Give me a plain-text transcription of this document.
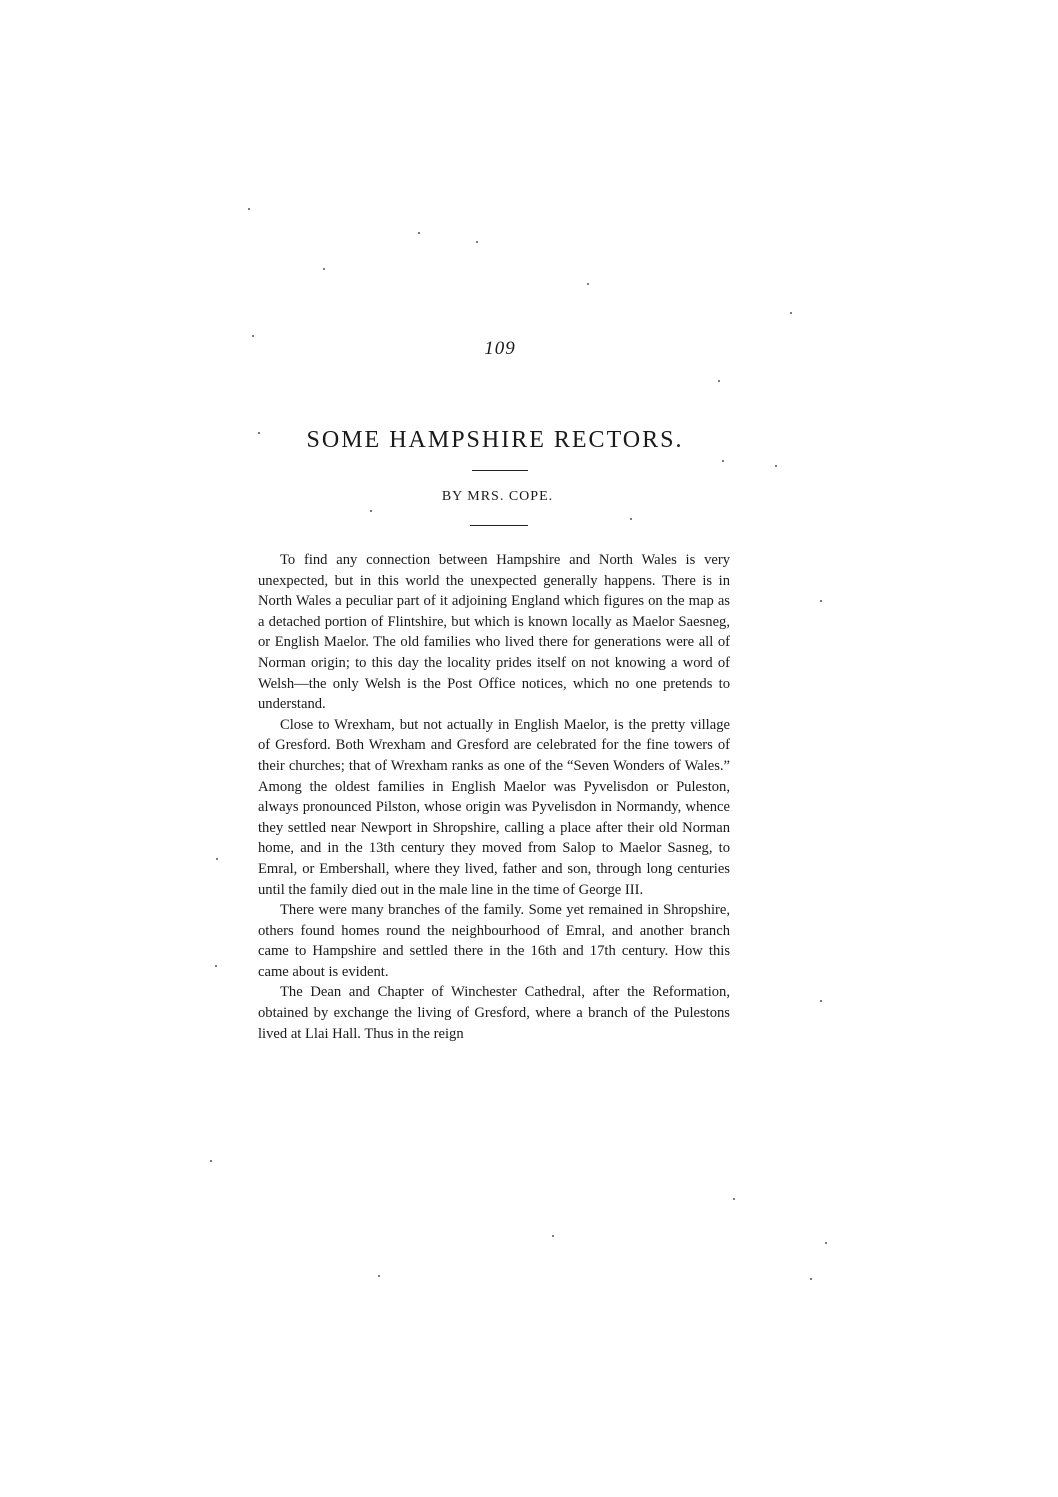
109
SOME HAMPSHIRE RECTORS.
BY MRS. COPE.

To find any connection between Hampshire and North Wales is very unexpected, but in this world the unexpected generally happens. There is in North Wales a peculiar part of it adjoining England which figures on the map as a detached portion of Flintshire, but which is known locally as Maelor Saesneg, or English Maelor. The old families who lived there for generations were all of Norman origin; to this day the locality prides itself on not knowing a word of Welsh—the only Welsh is the Post Office notices, which no one pretends to understand.

Close to Wrexham, but not actually in English Maelor, is the pretty village of Gresford. Both Wrexham and Gresford are celebrated for the fine towers of their churches; that of Wrexham ranks as one of the “Seven Wonders of Wales.” Among the oldest families in English Maelor was Pyvelisdon or Puleston, always pronounced Pilston, whose origin was Pyvelisdon in Normandy, whence they settled near Newport in Shropshire, calling a place after their old Norman home, and in the 13th century they moved from Salop to Maelor Sasneg, to Emral, or Embershall, where they lived, father and son, through long centuries until the family died out in the male line in the time of George III.

There were many branches of the family. Some yet remained in Shropshire, others found homes round the neighbourhood of Emral, and another branch came to Hampshire and settled there in the 16th and 17th century. How this came about is evident.

The Dean and Chapter of Winchester Cathedral, after the Reformation, obtained by exchange the living of Gresford, where a branch of the Pulestons lived at Llai Hall. Thus in the reign
